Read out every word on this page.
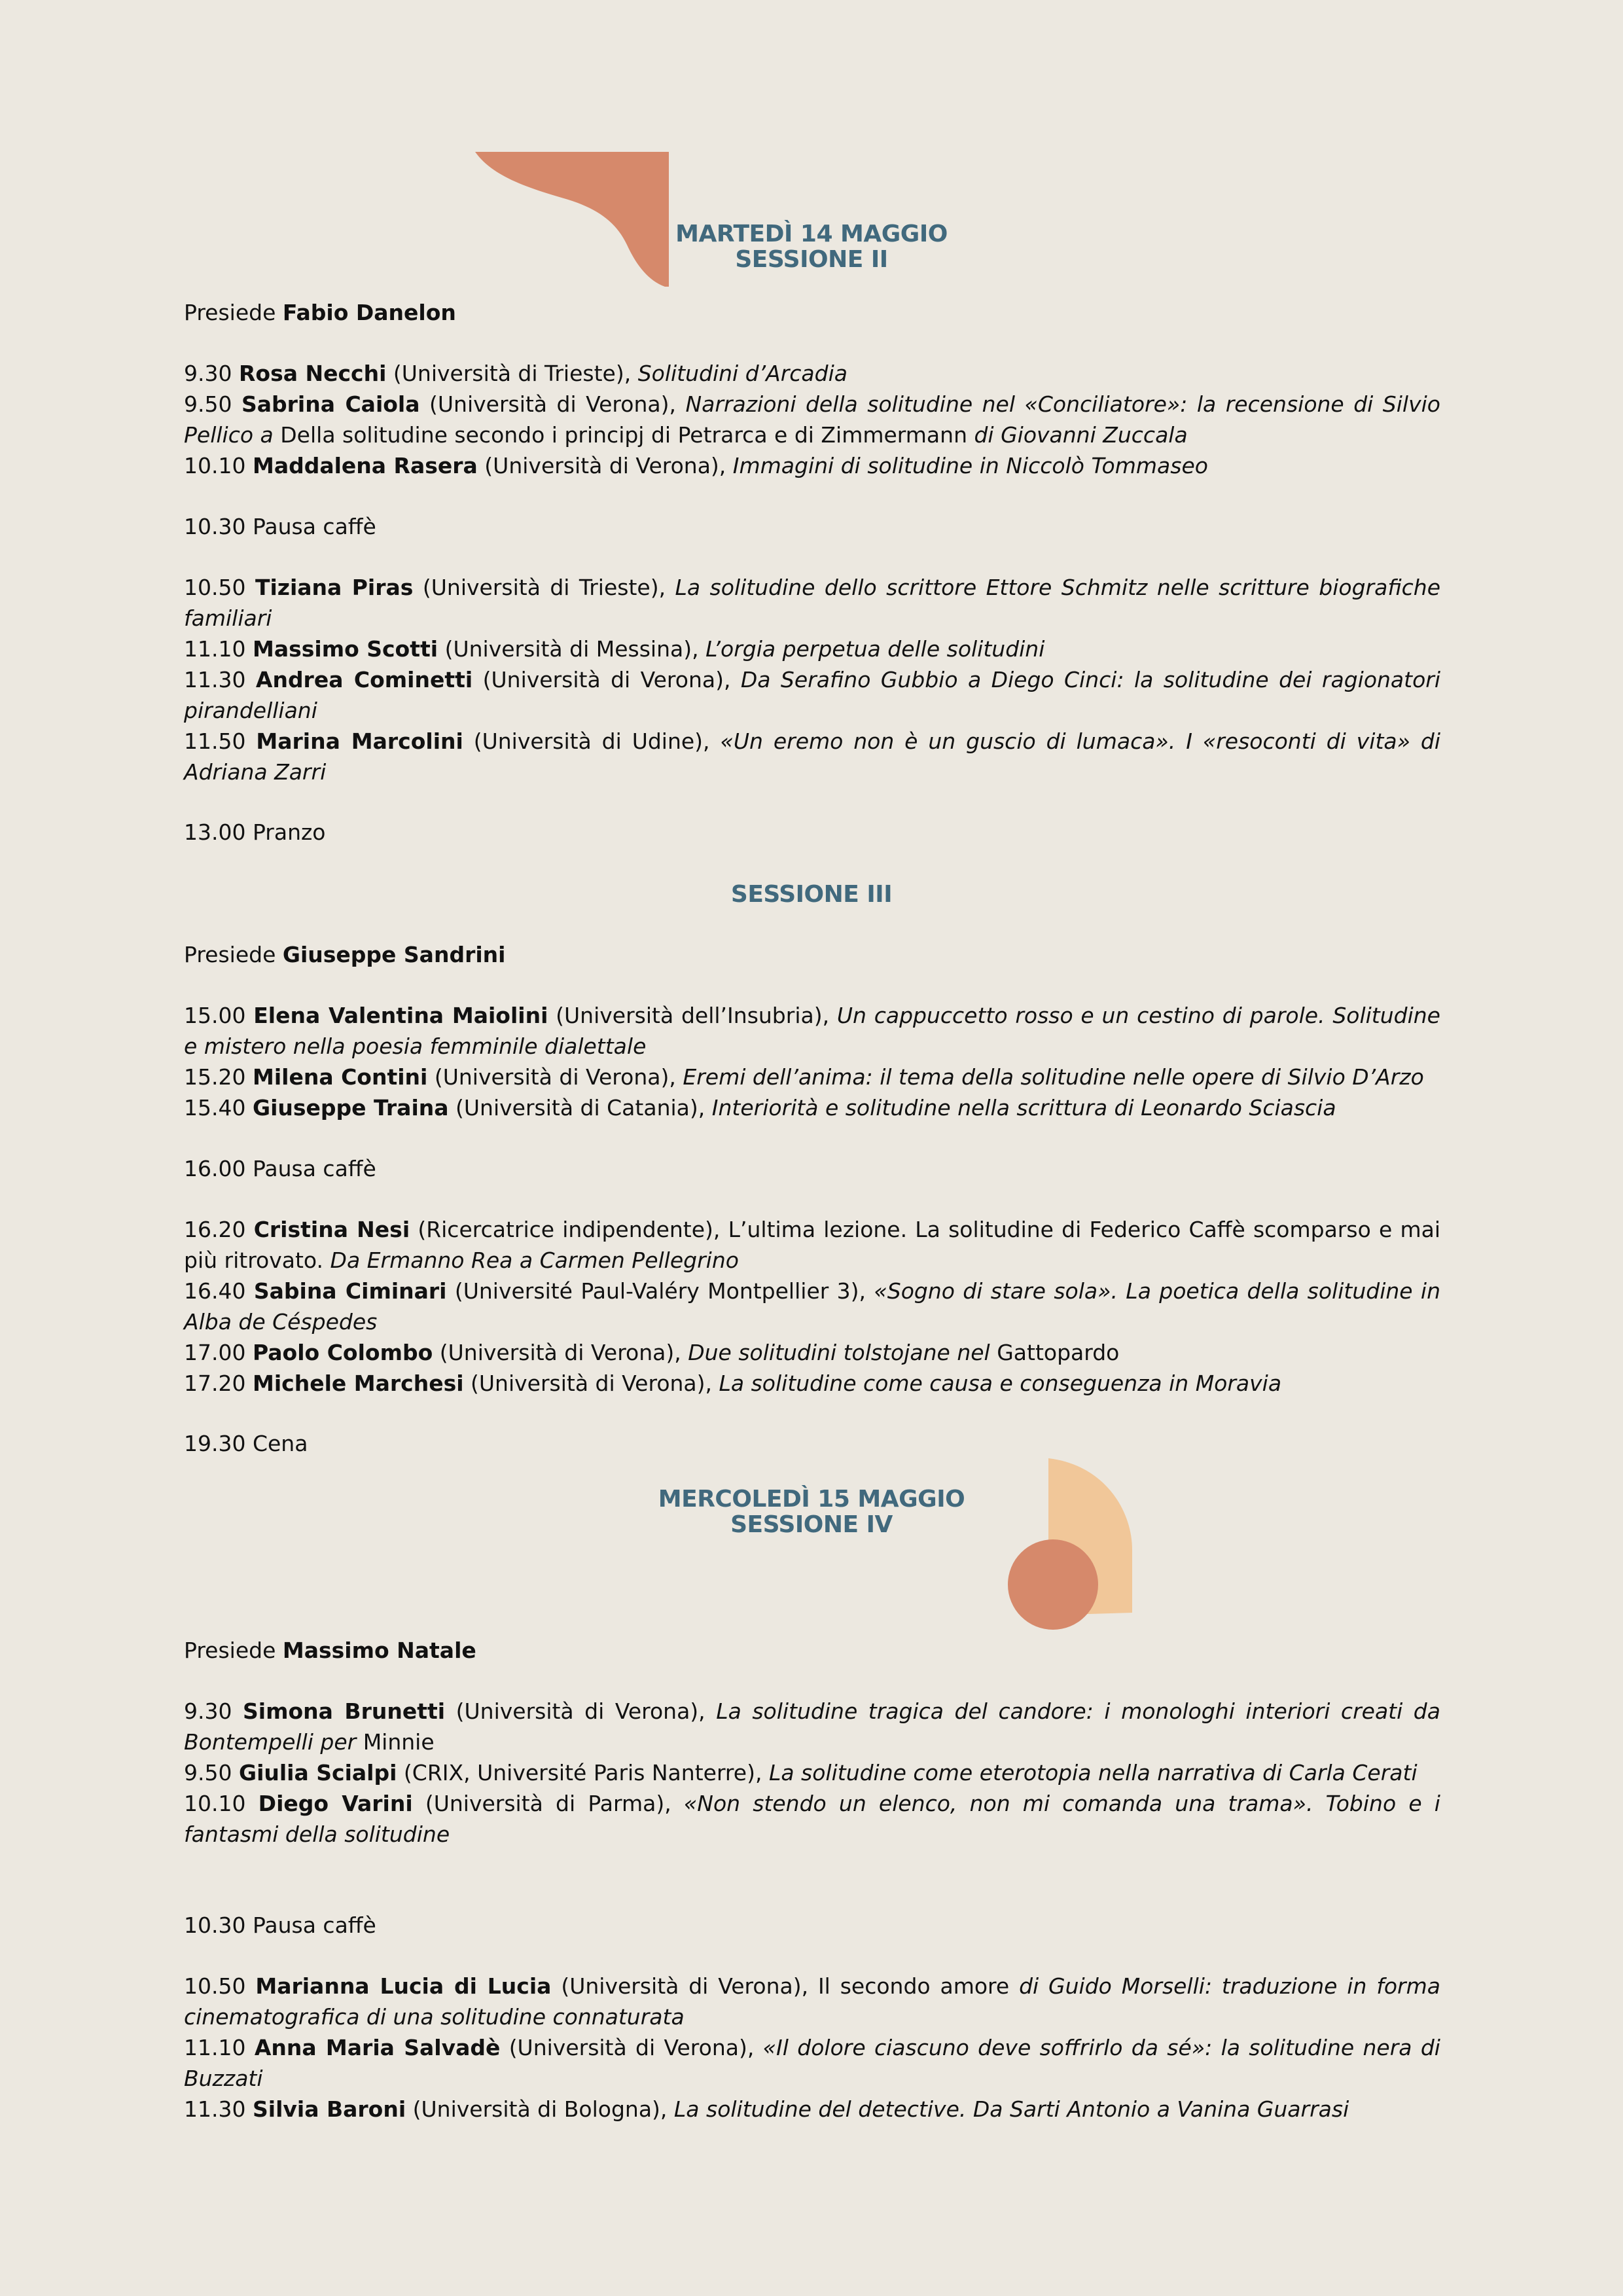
MARTEDÌ 14 MAGGIO
SESSIONE II

Presiede Fabio Danelon

9.30 Rosa Necchi (Università di Trieste), Solitudini d’Arcadia

9.50 Sabrina Caiola (Università di Verona), Narrazioni della solitudine nel «Conciliatore»: la recensione di Silvio Pellico a Della solitudine secondo i principj di Petrarca e di Zimmermann di Giovanni Zuccala

10.10 Maddalena Rasera (Università di Verona), Immagini di solitudine in Niccolò Tommaseo

10.30 Pausa caffè

10.50 Tiziana Piras (Università di Trieste), La solitudine dello scrittore Ettore Schmitz nelle scritture biografiche familiari

11.10 Massimo Scotti (Università di Messina), L’orgia perpetua delle solitudini

11.30 Andrea Cominetti (Università di Verona), Da Serafino Gubbio a Diego Cinci: la solitudine dei ragionatori pirandelliani

11.50 Marina Marcolini (Università di Udine), «Un eremo non è un guscio di lumaca». I «resoconti di vita» di Adriana Zarri

13.00 Pranzo

SESSIONE III

Presiede Giuseppe Sandrini

15.00 Elena Valentina Maiolini (Università dell’Insubria), Un cappuccetto rosso e un cestino di parole. Solitudine e mistero nella poesia femminile dialettale

15.20 Milena Contini (Università di Verona), Eremi dell’anima: il tema della solitudine nelle opere di Silvio D’Arzo

15.40 Giuseppe Traina (Università di Catania), Interiorità e solitudine nella scrittura di Leonardo Sciascia

16.00 Pausa caffè

16.20 Cristina Nesi (Ricercatrice indipendente), L’ultima lezione. La solitudine di Federico Caffè scomparso e mai più ritrovato. Da Ermanno Rea a Carmen Pellegrino

16.40 Sabina Ciminari (Université Paul-Valéry Montpellier 3), «Sogno di stare sola». La poetica della solitudine in Alba de Céspedes

17.00 Paolo Colombo (Università di Verona), Due solitudini tolstojane nel Gattopardo

17.20 Michele Marchesi (Università di Verona), La solitudine come causa e conseguenza in Moravia

19.30 Cena

MERCOLEDÌ 15 MAGGIO
SESSIONE IV

Presiede Massimo Natale

9.30 Simona Brunetti (Università di Verona), La solitudine tragica del candore: i monologhi interiori creati da Bontempelli per Minnie

9.50 Giulia Scialpi (CRIX, Université Paris Nanterre), La solitudine come eterotopia nella narrativa di Carla Cerati

10.10 Diego Varini (Università di Parma), «Non stendo un elenco, non mi comanda una trama». Tobino e i fantasmi della solitudine

10.30 Pausa caffè

10.50 Marianna Lucia di Lucia (Università di Verona), Il secondo amore di Guido Morselli: traduzione in forma cinematografica di una solitudine connaturata

11.10 Anna Maria Salvadè (Università di Verona), «Il dolore ciascuno deve soffrirlo da sé»: la solitudine nera di Buzzati

11.30 Silvia Baroni (Università di Bologna), La solitudine del detective. Da Sarti Antonio a Vanina Guarrasi
